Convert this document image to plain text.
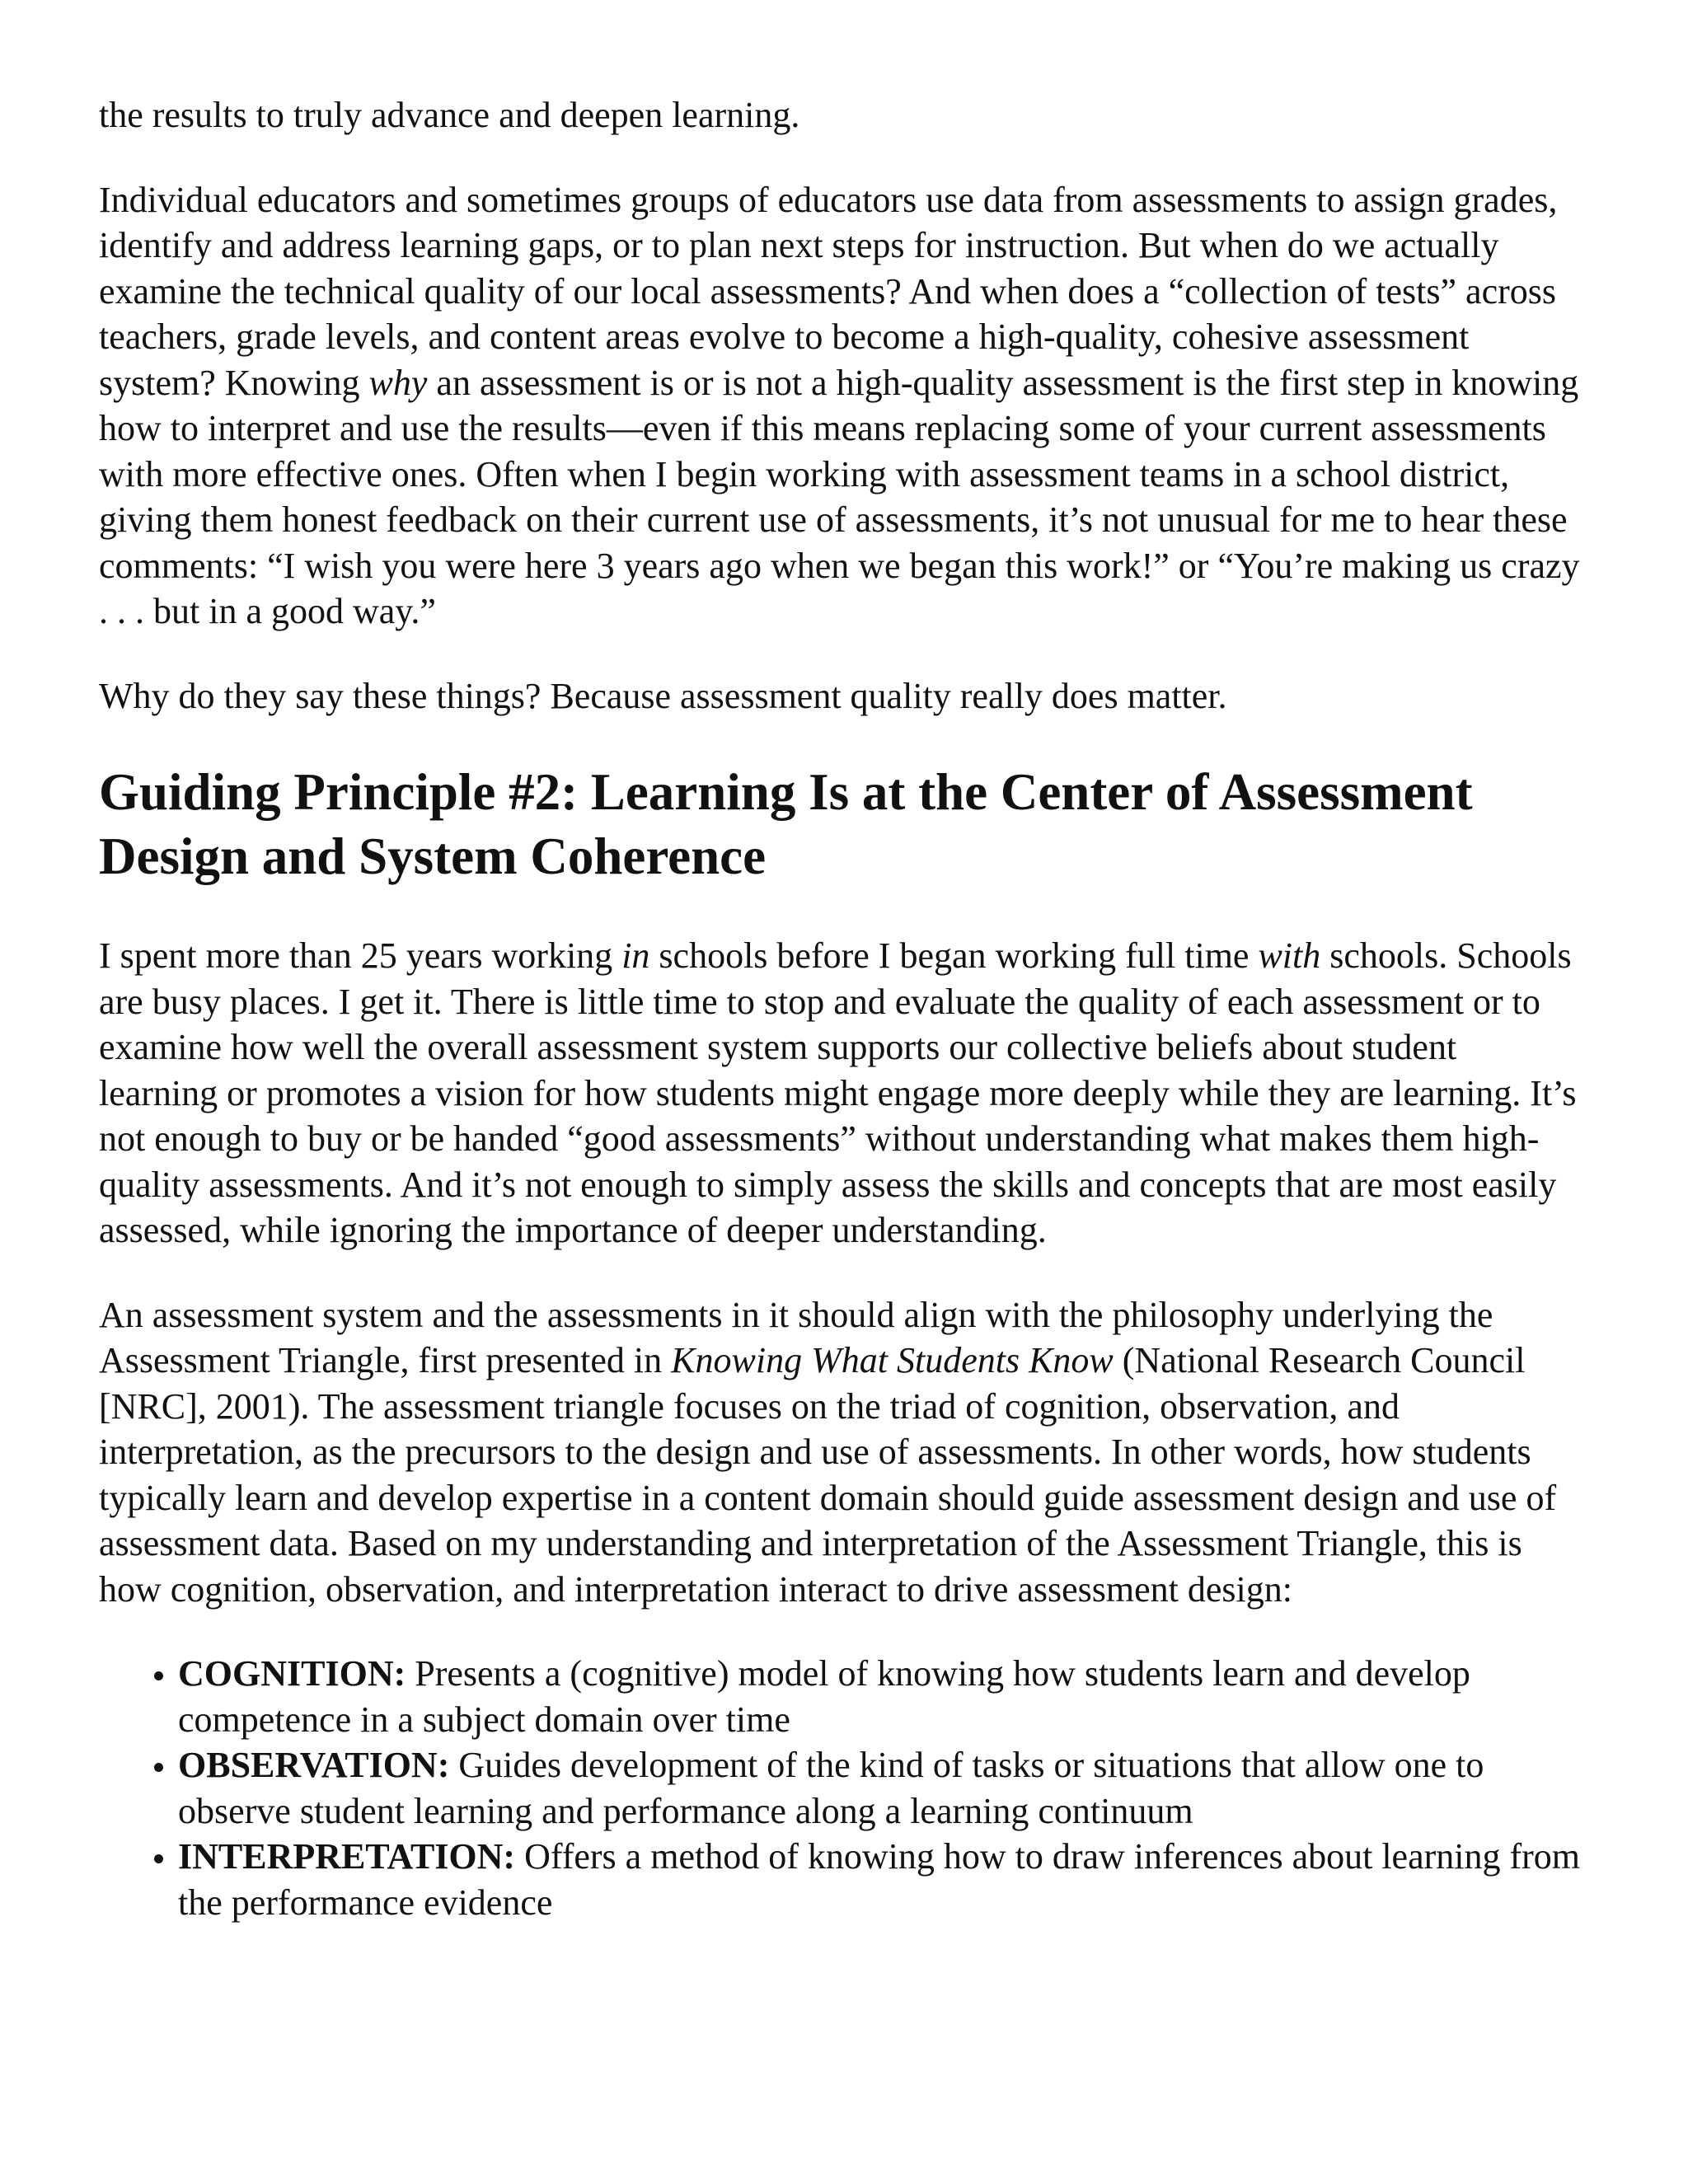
the results to truly advance and deepen learning.

Individual educators and sometimes groups of educators use data from assessments to assign grades, identify and address learning gaps, or to plan next steps for instruction. But when do we actually examine the technical quality of our local assessments? And when does a “collection of tests” across teachers, grade levels, and content areas evolve to become a high-quality, cohesive assessment system? Knowing why an assessment is or is not a high-quality assessment is the first step in knowing how to interpret and use the results—even if this means replacing some of your current assessments with more effective ones. Often when I begin working with assessment teams in a school district, giving them honest feedback on their current use of assessments, it’s not unusual for me to hear these comments: “I wish you were here 3 years ago when we began this work!” or “You’re making us crazy . . . but in a good way.”

Why do they say these things? Because assessment quality really does matter.

Guiding Principle #2: Learning Is at the Center of Assessment Design and System Coherence

I spent more than 25 years working in schools before I began working full time with schools. Schools are busy places. I get it. There is little time to stop and evaluate the quality of each assessment or to examine how well the overall assessment system supports our collective beliefs about student learning or promotes a vision for how students might engage more deeply while they are learning. It’s not enough to buy or be handed “good assessments” without understanding what makes them high-quality assessments. And it’s not enough to simply assess the skills and concepts that are most easily assessed, while ignoring the importance of deeper understanding.

An assessment system and the assessments in it should align with the philosophy underlying the Assessment Triangle, first presented in Knowing What Students Know (National Research Council [NRC], 2001). The assessment triangle focuses on the triad of cognition, observation, and interpretation, as the precursors to the design and use of assessments. In other words, how students typically learn and develop expertise in a content domain should guide assessment design and use of assessment data. Based on my understanding and interpretation of the Assessment Triangle, this is how cognition, observation, and interpretation interact to drive assessment design:

• COGNITION: Presents a (cognitive) model of knowing how students learn and develop competence in a subject domain over time
• OBSERVATION: Guides development of the kind of tasks or situations that allow one to observe student learning and performance along a learning continuum
• INTERPRETATION: Offers a method of knowing how to draw inferences about learning from the performance evidence
